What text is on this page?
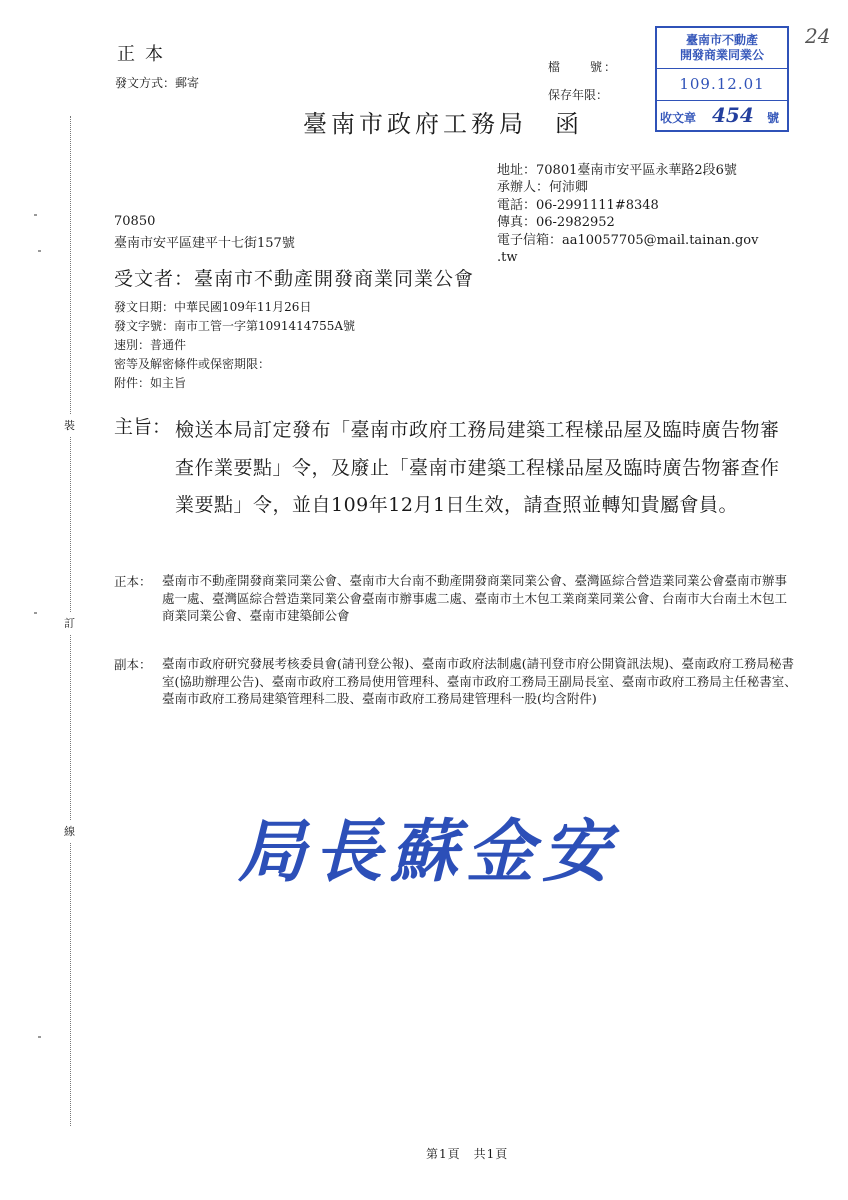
裝
訂
線
正本
發文方式：郵寄
檔　　號：
保存年限：
臺南市不動產
開發商業同業公
109.12.01
收文章 454 號
24
臺南市政府工務局　函
地址：70801臺南市安平區永華路2段6號
承辦人：何沛卿
電話：06-2991111#8348
傳真：06-2982952
電子信箱：aa10057705@mail.tainan.gov
.tw
70850
臺南市安平區建平十七街157號
受文者：臺南市不動產開發商業同業公會
發文日期：中華民國109年11月26日
發文字號：南市工管一字第1091414755A號
速別：普通件
密等及解密條件或保密期限：
附件：如主旨
主旨： 檢送本局訂定發布「臺南市政府工務局建築工程樣品屋及臨時廣告物審查作業要點」令，及廢止「臺南市建築工程樣品屋及臨時廣告物審查作業要點」令，並自109年12月1日生效，請查照並轉知貴屬會員。
正本： 臺南市不動產開發商業同業公會、臺南市大台南不動產開發商業同業公會、臺灣區綜合營造業同業公會臺南市辦事處一處、臺灣區綜合營造業同業公會臺南市辦事處二處、臺南市土木包工業商業同業公會、台南市大台南土木包工商業同業公會、臺南市建築師公會
副本： 臺南市政府研究發展考核委員會(請刊登公報)、臺南市政府法制處(請刊登市府公開資訊法規)、臺南政府工務局秘書室(協助辦理公告)、臺南市政府工務局使用管理科、臺南市政府工務局王副局長室、臺南市政府工務局主任秘書室、臺南市政府工務局建築管理科二股、臺南市政府工務局建管理科一股(均含附件)
局長蘇金安
第1頁　共1頁
